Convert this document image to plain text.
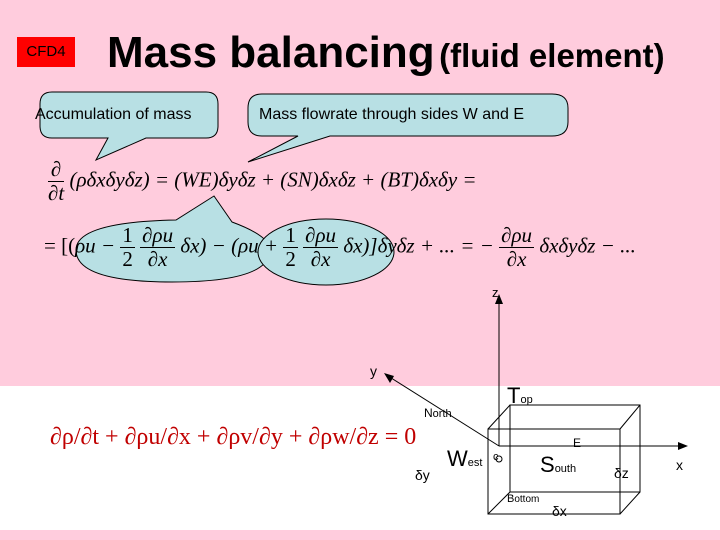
CFD4 Mass balancing (fluid element)
Accumulation of mass	Mass flowrate through sides W and E
$\frac{\partial}{\partial t} (\rho\delta x\delta y\delta z) = (WE)\delta y\delta z + (SN)\delta x\delta z + (BT)\delta x\delta y$ =
= [($\rho u - \frac{1}{2}$
$\frac{\partial\rho u}{\partial x} \delta x) - (\rho u + \frac{1}{2}$
$\frac{\partial\rho u}{\partial x} \delta x)]\delta y\delta z$ + ... = − $\frac{\partial\rho u}{\partial x}$ δxδyδz − ...
∂ρ/∂t + ∂ρu/∂x + ∂ρv/∂y + ∂ρw/∂z = 0
z
y
x
Top
North
West	South
Bottom
E
c
δy	δz
δx
